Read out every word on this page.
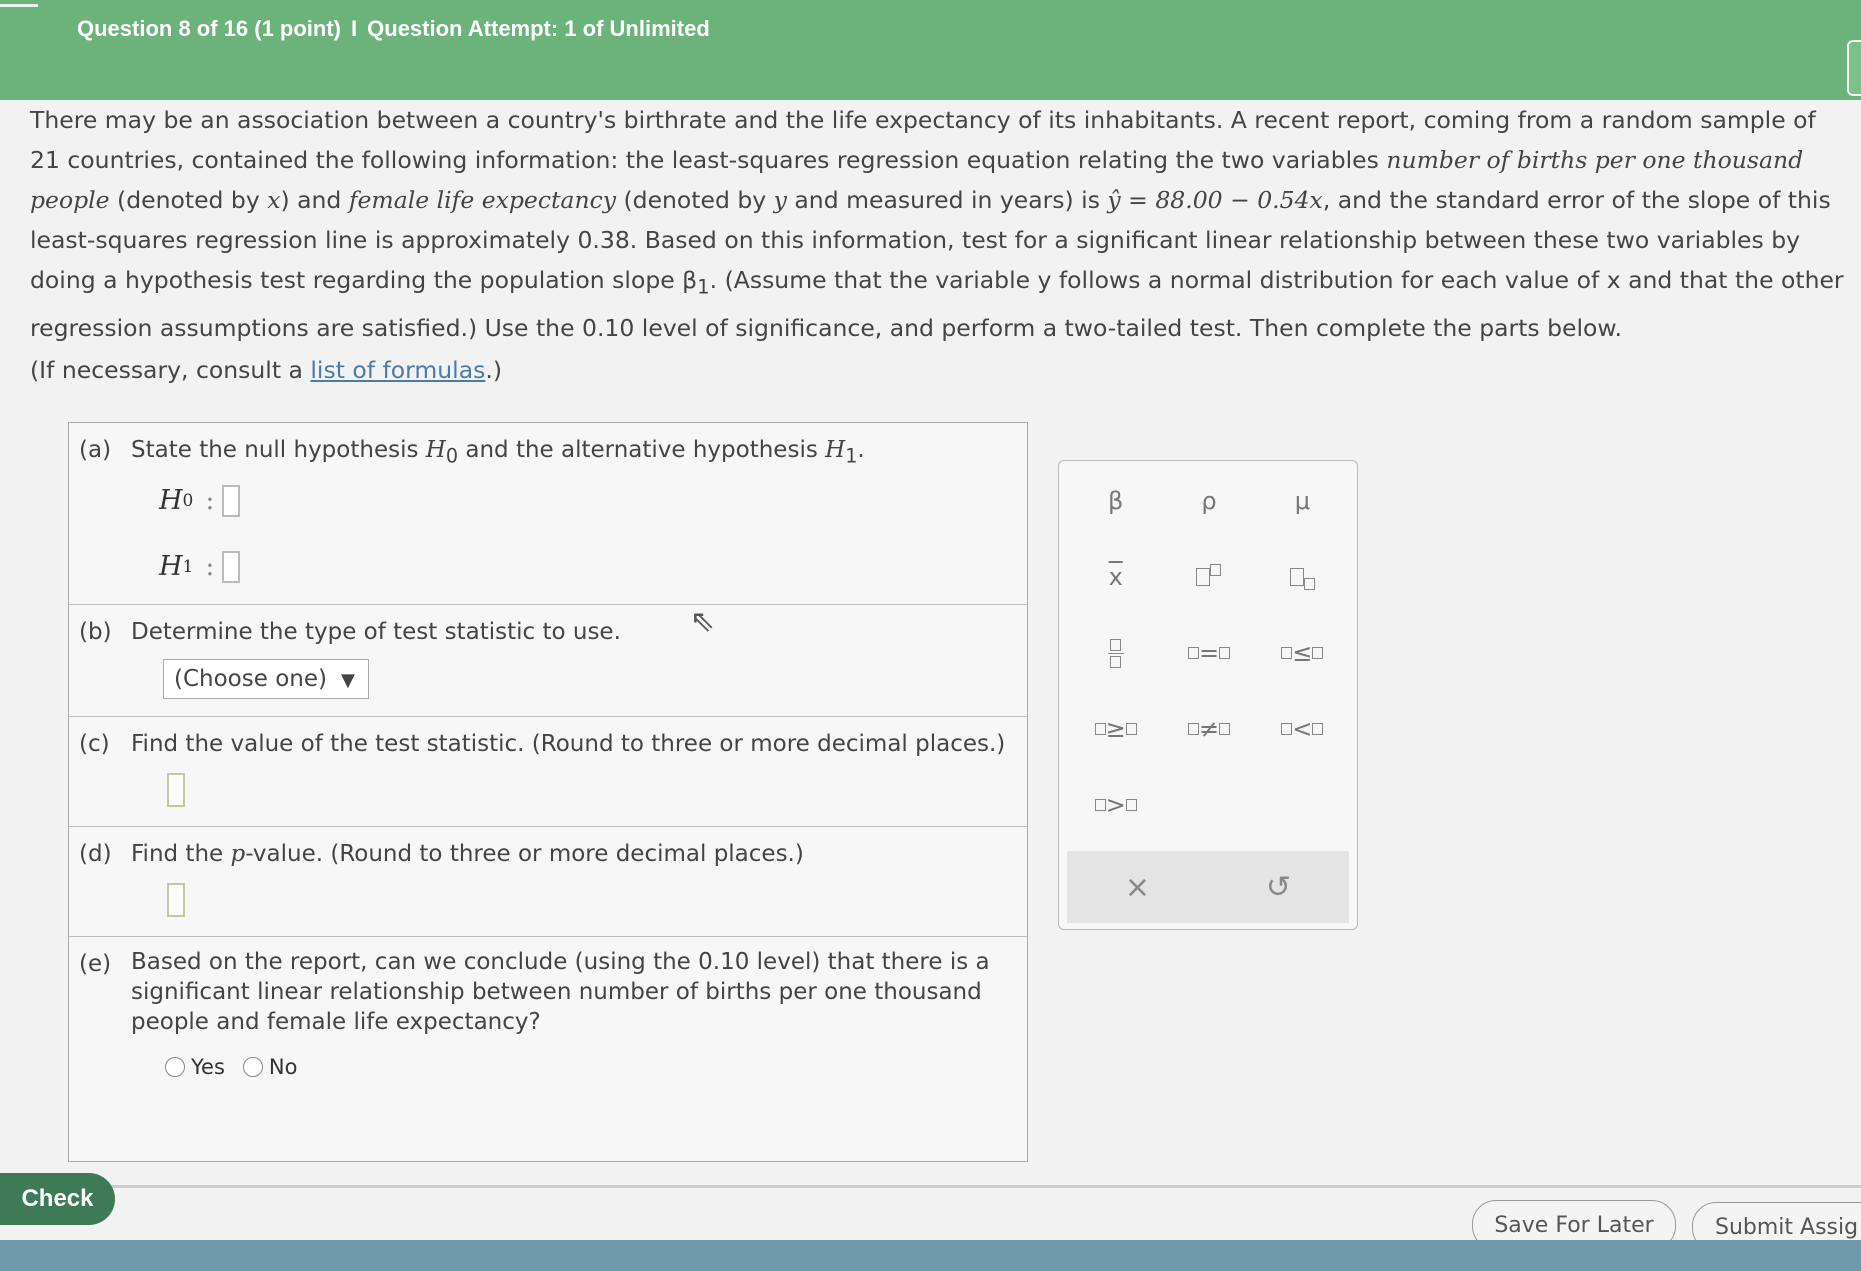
Question 8 of 16 (1 point) I Question Attempt: 1 of Unlimited
There may be an association between a country's birthrate and the life expectancy of its inhabitants. A recent report, coming from a random sample of 21 countries, contained the following information: the least-squares regression equation relating the two variables number of births per one thousand people (denoted by x) and female life expectancy (denoted by y and measured in years) is ŷ = 88.00 − 0.54x, and the standard error of the slope of this least-squares regression line is approximately 0.38. Based on this information, test for a significant linear relationship between these two variables by doing a hypothesis test regarding the population slope $\beta_1$. (Assume that the variable y follows a normal distribution for each value of x and that the other regression assumptions are satisfied.) Use the 0.10 level of significance, and perform a two-tailed test. Then complete the parts below.
(If necessary, consult a list of formulas.)
(a) State the null hypothesis $H_0$ and the alternative hypothesis $H_1$.
H 0 :
H 1 :
(b) Determine the type of test statistic to use.
(Choose one) ▼
(c) Find the value of the test statistic. (Round to three or more decimal places.)
(d) Find the p-value. (Round to three or more decimal places.)
(e) Based on the report, can we conclude (using the 0.10 level) that there is a significant linear relationship between number of births per one thousand people and female life expectancy?
Yes No
⇖
β	ρ	μ
$\overline{x}$
=	≤
≥	≠	<
>
×	↺
Check
Save For Later	Submit Assig
